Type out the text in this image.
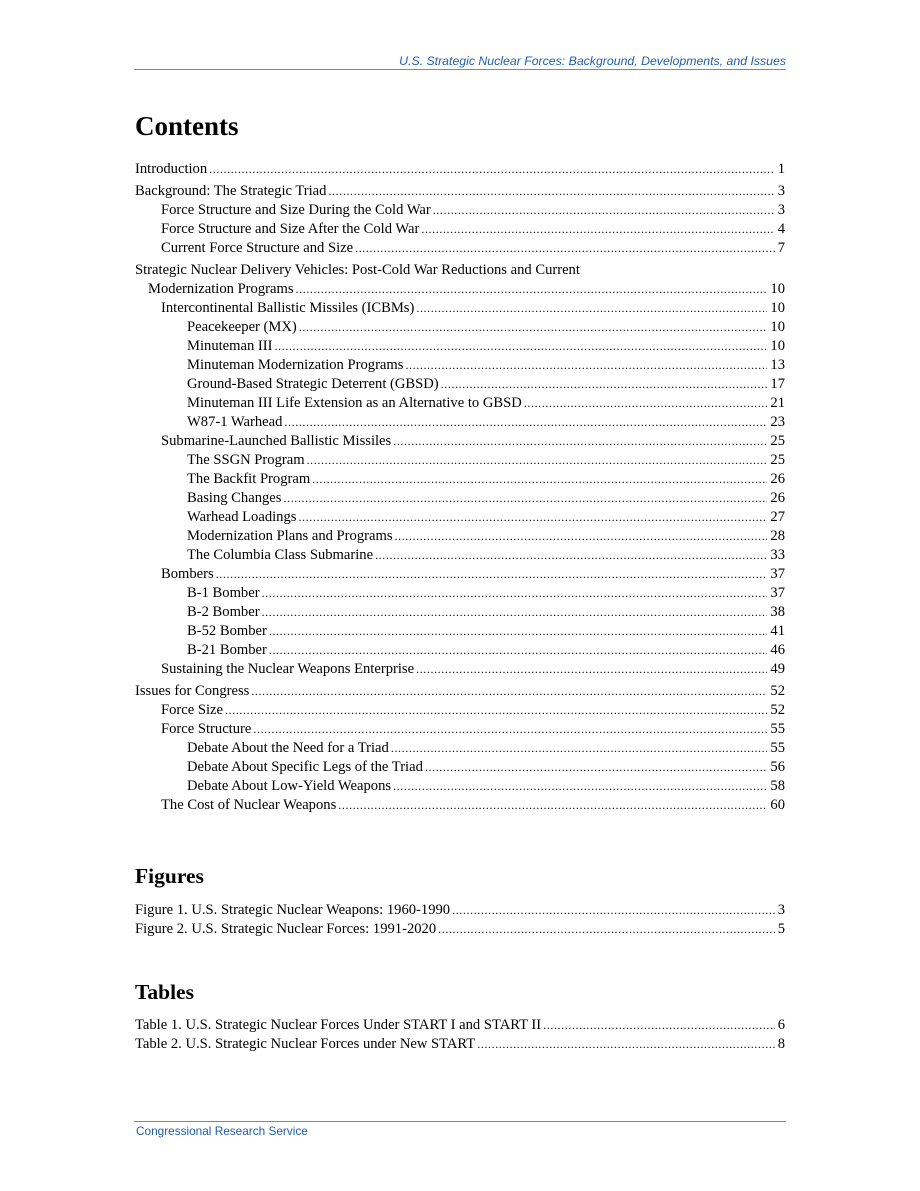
U.S. Strategic Nuclear Forces: Background, Developments, and Issues
Contents
Introduction . . .	1
Background: The Strategic Triad . . .	3
Force Structure and Size During the Cold War . . .	3
Force Structure and Size After the Cold War . . .	4
Current Force Structure and Size . . .	7
Strategic Nuclear Delivery Vehicles: Post-Cold War Reductions and Current
Modernization Programs . . .	10
Intercontinental Ballistic Missiles (ICBMs) . . .	10
Peacekeeper (MX) . . .	10
Minuteman III . . .	10
Minuteman Modernization Programs . . .	13
Ground-Based Strategic Deterrent (GBSD) . . .	17
Minuteman III Life Extension as an Alternative to GBSD . . .	21
W87-1 Warhead . . .	23
Submarine-Launched Ballistic Missiles . . .	25
The SSGN Program . . .	25
The Backfit Program . . .	26
Basing Changes . . .	26
Warhead Loadings . . .	27
Modernization Plans and Programs . . .	28
The Columbia Class Submarine . . .	33
Bombers . . .	37
B-1 Bomber . . .	37
B-2 Bomber . . .	38
B-52 Bomber . . .	41
B-21 Bomber . . .	46
Sustaining the Nuclear Weapons Enterprise . . .	49
Issues for Congress . . .	52
Force Size . . .	52
Force Structure . . .	55
Debate About the Need for a Triad . . .	55
Debate About Specific Legs of the Triad . . .	56
Debate About Low-Yield Weapons . . .	58
The Cost of Nuclear Weapons . . .	60
Figures
Figure 1. U.S. Strategic Nuclear Weapons: 1960-1990 . . .	3
Figure 2. U.S. Strategic Nuclear Forces: 1991-2020 . . .	5
Tables
Table 1. U.S. Strategic Nuclear Forces Under START I and START II . . .	6
Table 2. U.S. Strategic Nuclear Forces under New START . . .	8
Congressional Research Service
